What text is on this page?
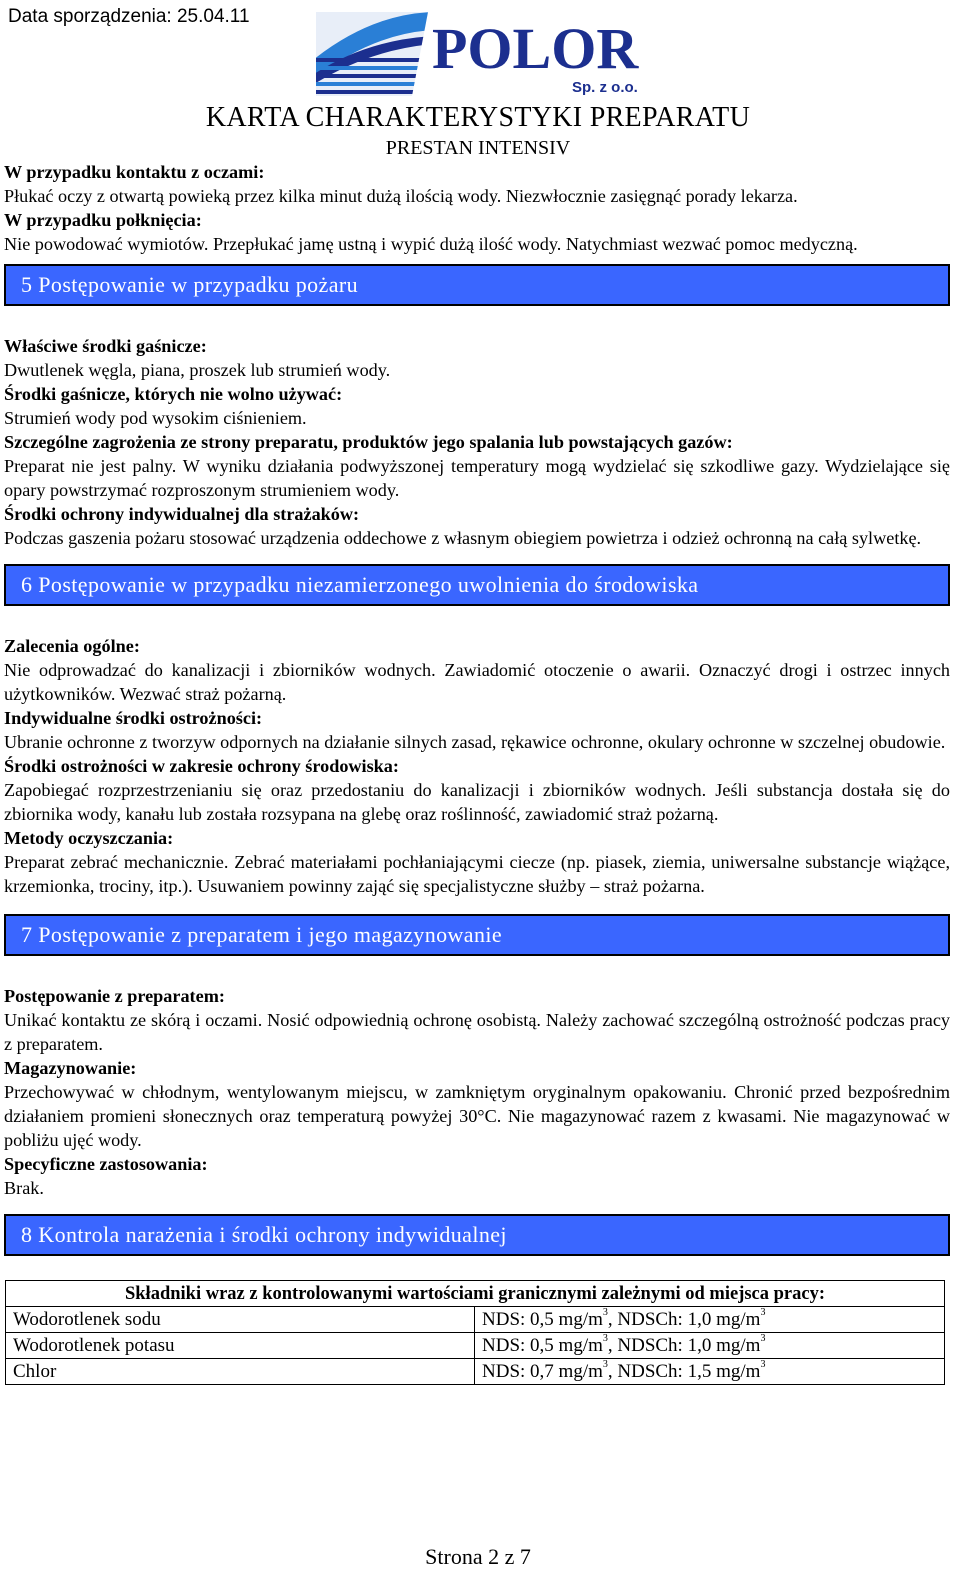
Data sporządzenia: 25.04.11	POLOR
Sp. z o.o.
KARTA CHARAKTERYSTYKI PREPARATU
PRESTAN INTENSIV

W przypadku kontaktu z oczami:

Płukać oczy z otwartą powieką przez kilka minut dużą ilością wody. Niezwłocznie zasięgnąć porady lekarza.

W przypadku połknięcia:

Nie powodować wymiotów. Przepłukać jamę ustną i wypić dużą ilość wody. Natychmiast wezwać pomoc medyczną.

5 Postępowanie w przypadku pożaru

Właściwe środki gaśnicze:

Dwutlenek węgla, piana, proszek lub strumień wody.

Środki gaśnicze, których nie wolno używać:

Strumień wody pod wysokim ciśnieniem.

Szczególne zagrożenia ze strony preparatu, produktów jego spalania lub powstających gazów:

Preparat nie jest palny. W wyniku działania podwyższonej temperatury mogą wydzielać się szkodliwe gazy. Wydzielające się opary powstrzymać rozproszonym strumieniem wody.

Środki ochrony indywidualnej dla strażaków:

Podczas gaszenia pożaru stosować urządzenia oddechowe z własnym obiegiem powietrza i odzież ochronną na całą sylwetkę.

6 Postępowanie w przypadku niezamierzonego uwolnienia do środowiska

Zalecenia ogólne:

Nie odprowadzać do kanalizacji i zbiorników wodnych. Zawiadomić otoczenie o awarii. Oznaczyć drogi i ostrzec innych użytkowników. Wezwać straż pożarną.

Indywidualne środki ostrożności:

Ubranie ochronne z tworzyw odpornych na działanie silnych zasad, rękawice ochronne, okulary ochronne w szczelnej obudowie.

Środki ostrożności w zakresie ochrony środowiska:

Zapobiegać rozprzestrzenianiu się oraz przedostaniu do kanalizacji i zbiorników wodnych. Jeśli substancja dostała się do zbiornika wody, kanału lub została rozsypana na glebę oraz roślinność, zawiadomić straż pożarną.

Metody oczyszczania:

Preparat zebrać mechanicznie. Zebrać materiałami pochłaniającymi ciecze (np. piasek, ziemia, uniwersalne substancje wiążące, krzemionka, trociny, itp.). Usuwaniem powinny zająć się specjalistyczne służby – straż pożarna.

7 Postępowanie z preparatem i jego magazynowanie

Postępowanie z preparatem:

Unikać kontaktu ze skórą i oczami. Nosić odpowiednią ochronę osobistą. Należy zachować szczególną ostrożność podczas pracy z preparatem.

Magazynowanie:

Przechowywać w chłodnym, wentylowanym miejscu, w zamkniętym oryginalnym opakowaniu. Chronić przed bezpośrednim działaniem promieni słonecznych oraz temperaturą powyżej 30°C. Nie magazynować razem z kwasami. Nie magazynować w pobliżu ujęć wody.

Specyficzne zastosowania:

Brak.

8 Kontrola narażenia i środki ochrony indywidualnej
Składniki wraz z kontrolowanymi wartościami granicznymi zależnymi od miejsca pracy:	
Wodorotlenek sodu	NDS: 0,5 $mg/m^3$, NDSCh: 1,0 $mg/m^3$
Wodorotlenek potasu	NDS: 0,5 $mg/m^3$, NDSCh: 1,0 $mg/m^3$
Chlor	NDS: 0,7 $mg/m^3$, NDSCh: 1,5 $mg/m^3$
Strona 2 z 7
